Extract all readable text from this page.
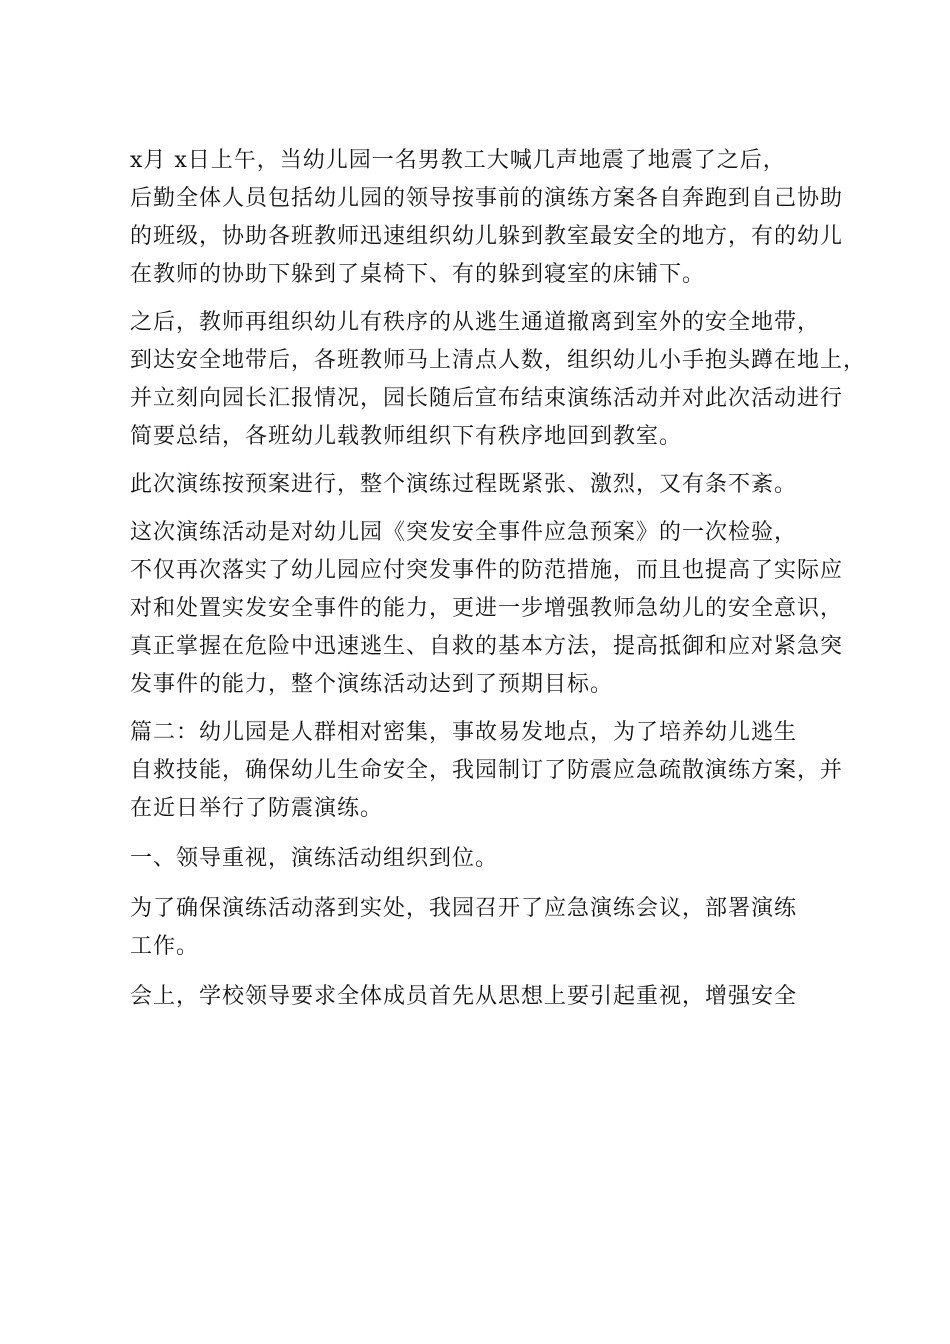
x月 x日上午，当幼儿园一名男教工大喊几声地震了地震了之后，
后勤全体人员包括幼儿园的领导按事前的演练方案各自奔跑到自己协助
的班级，协助各班教师迅速组织幼儿躲到教室最安全的地方，有的幼儿
在教师的协助下躲到了桌椅下、有的躲到寝室的床铺下。
之后，教师再组织幼儿有秩序的从逃生通道撤离到室外的安全地带，
到达安全地带后，各班教师马上清点人数，组织幼儿小手抱头蹲在地上，
并立刻向园长汇报情况，园长随后宣布结束演练活动并对此次活动进行
简要总结，各班幼儿载教师组织下有秩序地回到教室。
此次演练按预案进行，整个演练过程既紧张、激烈，又有条不紊。
这次演练活动是对幼儿园《突发安全事件应急预案》的一次检验，
不仅再次落实了幼儿园应付突发事件的防范措施，而且也提高了实际应
对和处置实发安全事件的能力，更进一步增强教师急幼儿的安全意识，
真正掌握在危险中迅速逃生、自救的基本方法，提高抵御和应对紧急突
发事件的能力，整个演练活动达到了预期目标。
篇二：幼儿园是人群相对密集，事故易发地点，为了培养幼儿逃生
自救技能，确保幼儿生命安全，我园制订了防震应急疏散演练方案，并
在近日举行了防震演练。
一、领导重视，演练活动组织到位。
为了确保演练活动落到实处，我园召开了应急演练会议，部署演练
工作。
会上，学校领导要求全体成员首先从思想上要引起重视，增强安全
